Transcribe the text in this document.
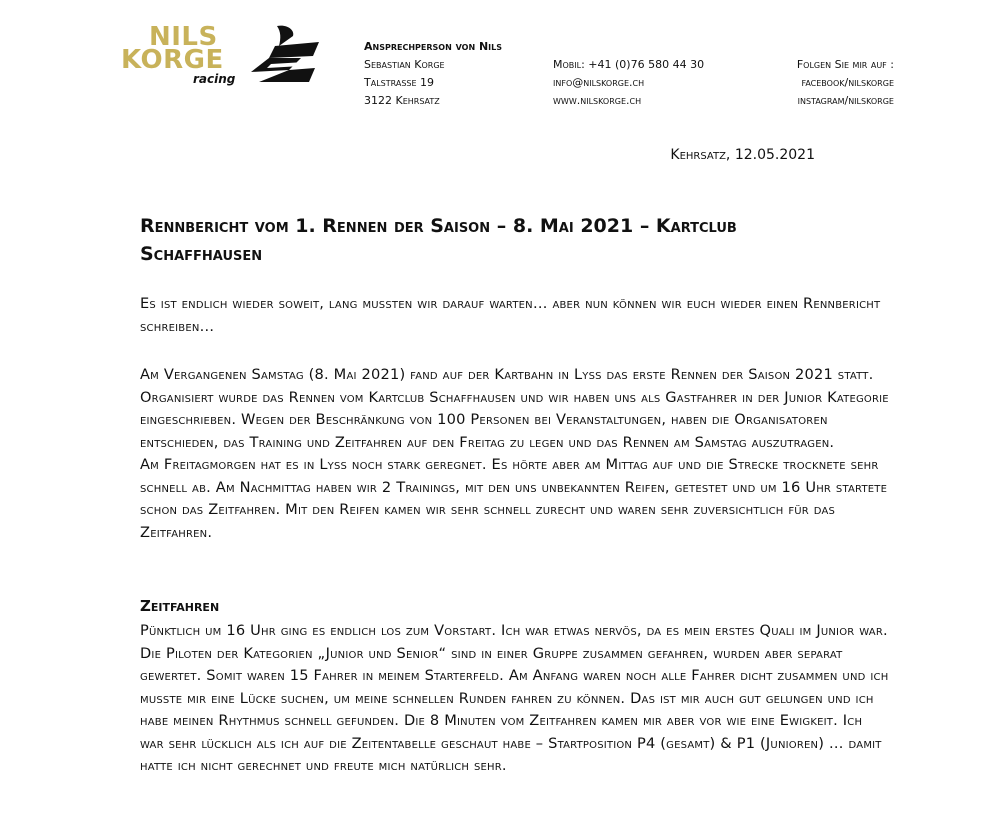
NILS
KORGE
racing
Ansprechperson von Nils
Sebastian Korge
Talstrasse 19
3122 Kehrsatz
Mobil: +41 (0)76 580 44 30
info@nilskorge.ch
www.nilskorge.ch
Folgen Sie mir auf :
facebook/nilskorge
instagram/nilskorge
Kehrsatz, 12.05.2021
Rennbericht vom 1. Rennen der Saison – 8. Mai 2021 – Kartclub Schaffhausen
Es ist endlich wieder soweit, lang mussten wir darauf warten… aber nun können wir euch wieder einen Rennbericht schreiben…
Am Vergangenen Samstag (8. Mai 2021) fand auf der Kartbahn in Lyss das erste Rennen der Saison 2021 statt. Organisiert wurde das Rennen vom Kartclub Schaffhausen und wir haben uns als Gastfahrer in der Junior Kategorie eingeschrieben. Wegen der Beschränkung von 100 Personen bei Veranstaltungen, haben die Organisatoren entschieden, das Training und Zeitfahren auf den Freitag zu legen und das Rennen am Samstag auszutragen.
Am Freitagmorgen hat es in Lyss noch stark geregnet. Es hörte aber am Mittag auf und die Strecke trocknete sehr schnell ab. Am Nachmittag haben wir 2 Trainings, mit den uns unbekannten Reifen, getestet und um 16 Uhr startete schon das Zeitfahren. Mit den Reifen kamen wir sehr schnell zurecht und waren sehr zuversichtlich für das Zeitfahren.
Zeitfahren
Pünktlich um 16 Uhr ging es endlich los zum Vorstart. Ich war etwas nervös, da es mein erstes Quali im Junior war. Die Piloten der Kategorien „Junior und Senior“ sind in einer Gruppe zusammen gefahren, wurden aber separat gewertet. Somit waren 15 Fahrer in meinem Starterfeld. Am Anfang waren noch alle Fahrer dicht zusammen und ich musste mir eine Lücke suchen, um meine schnellen Runden fahren zu können. Das ist mir auch gut gelungen und ich habe meinen Rhythmus schnell gefunden. Die 8 Minuten vom Zeitfahren kamen mir aber vor wie eine Ewigkeit. Ich war sehr lücklich als ich auf die Zeitentabelle geschaut habe – Startposition P4 (gesamt) & P1 (Junioren) … damit hatte ich nicht gerechnet und freute mich natürlich sehr.
